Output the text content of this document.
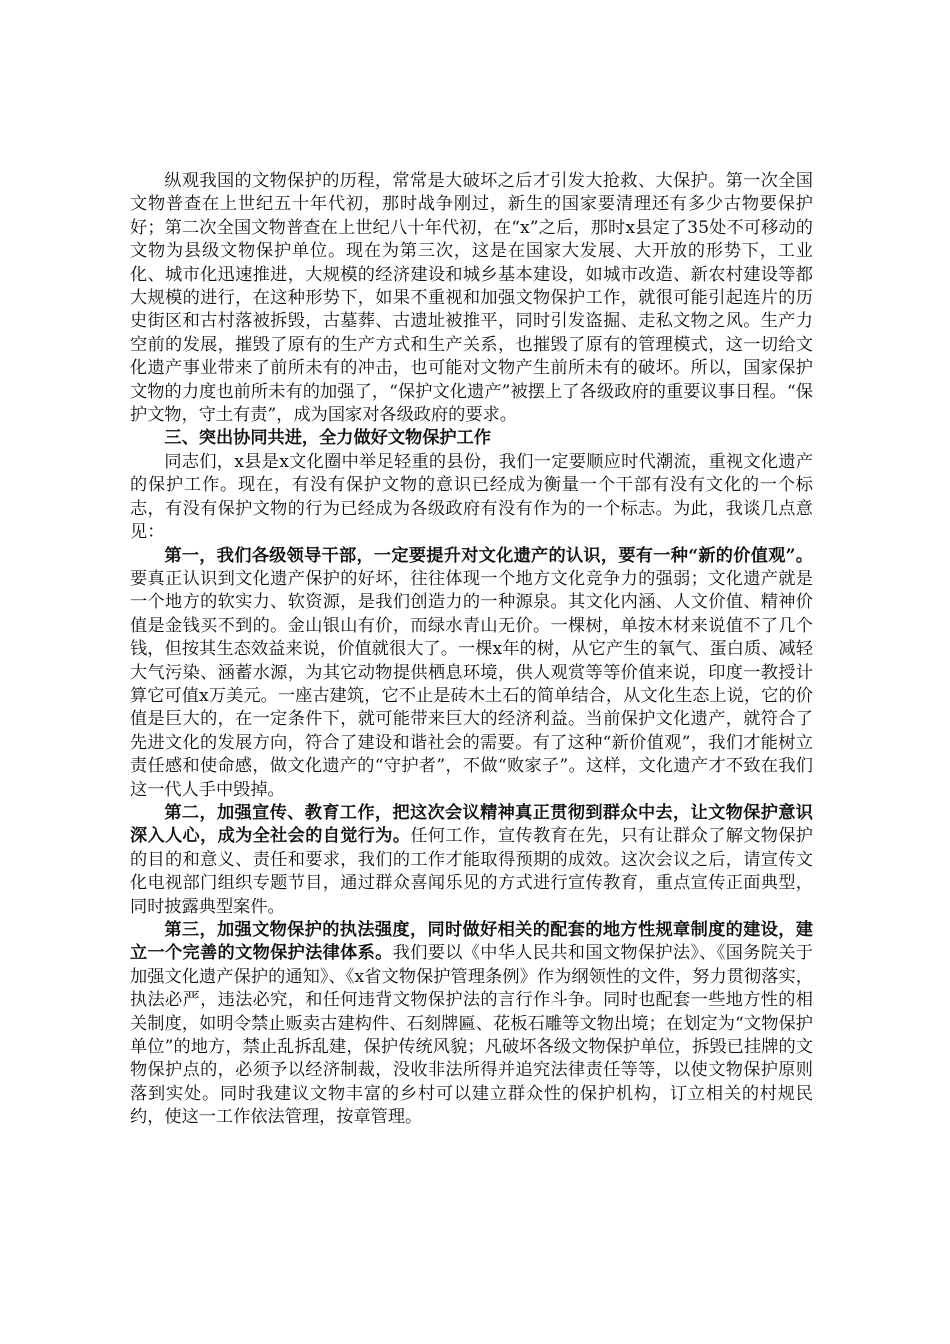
纵观我国的文物保护的历程，常常是大破坏之后才引发大抢救、大保护。第一次全国文物普查在上世纪五十年代初，那时战争刚过，新生的国家要清理还有多少古物要保护好；第二次全国文物普查在上世纪八十年代初，在“x”之后，那时x县定了35处不可移动的文物为县级文物保护单位。现在为第三次，这是在国家大发展、大开放的形势下，工业化、城市化迅速推进，大规模的经济建设和城乡基本建设，如城市改造、新农村建设等都大规模的进行，在这种形势下，如果不重视和加强文物保护工作，就很可能引起连片的历史街区和古村落被拆毁，古墓葬、古遗址被推平，同时引发盗掘、走私文物之风。生产力空前的发展，摧毁了原有的生产方式和生产关系，也摧毁了原有的管理模式，这一切给文化遗产事业带来了前所未有的冲击，也可能对文物产生前所未有的破坏。所以，国家保护文物的力度也前所未有的加强了，“保护文化遗产”被摆上了各级政府的重要议事日程。“保护文物，守土有责”，成为国家对各级政府的要求。

三、突出协同共进，全力做好文物保护工作

同志们，x县是x文化圈中举足轻重的县份，我们一定要顺应时代潮流，重视文化遗产的保护工作。现在，有没有保护文物的意识已经成为衡量一个干部有没有文化的一个标志，有没有保护文物的行为已经成为各级政府有没有作为的一个标志。为此，我谈几点意见：

第一，我们各级领导干部，一定要提升对文化遗产的认识，要有一种“新的价值观”。要真正认识到文化遗产保护的好坏，往往体现一个地方文化竞争力的强弱；文化遗产就是一个地方的软实力、软资源，是我们创造力的一种源泉。其文化内涵、人文价值、精神价值是金钱买不到的。金山银山有价，而绿水青山无价。一棵树，单按木材来说值不了几个钱，但按其生态效益来说，价值就很大了。一棵x年的树，从它产生的氧气、蛋白质、减轻大气污染、涵蓄水源，为其它动物提供栖息环境，供人观赏等等价值来说，印度一教授计算它可值x万美元。一座古建筑，它不止是砖木土石的简单结合，从文化生态上说，它的价值是巨大的，在一定条件下，就可能带来巨大的经济利益。当前保护文化遗产，就符合了先进文化的发展方向，符合了建设和谐社会的需要。有了这种“新价值观”，我们才能树立责任感和使命感，做文化遗产的“守护者”，不做“败家子”。这样，文化遗产才不致在我们这一代人手中毁掉。

第二，加强宣传、教育工作，把这次会议精神真正贯彻到群众中去，让文物保护意识深入人心，成为全社会的自觉行为。任何工作，宣传教育在先，只有让群众了解文物保护的目的和意义、责任和要求，我们的工作才能取得预期的成效。这次会议之后，请宣传文化电视部门组织专题节目，通过群众喜闻乐见的方式进行宣传教育，重点宣传正面典型，同时披露典型案件。

第三，加强文物保护的执法强度，同时做好相关的配套的地方性规章制度的建设，建立一个完善的文物保护法律体系。我们要以《中华人民共和国文物保护法》、《国务院关于加强文化遗产保护的通知》、《x省文物保护管理条例》作为纲领性的文件，努力贯彻落实，执法必严，违法必究，和任何违背文物保护法的言行作斗争。同时也配套一些地方性的相关制度，如明令禁止贩卖古建构件、石刻牌匾、花板石雕等文物出境；在划定为“文物保护单位”的地方，禁止乱拆乱建，保护传统风貌；凡破坏各级文物保护单位，拆毁已挂牌的文物保护点的，必须予以经济制裁，没收非法所得并追究法律责任等等，以使文物保护原则落到实处。同时我建议文物丰富的乡村可以建立群众性的保护机构，订立相关的村规民约，使这一工作依法管理，按章管理。
